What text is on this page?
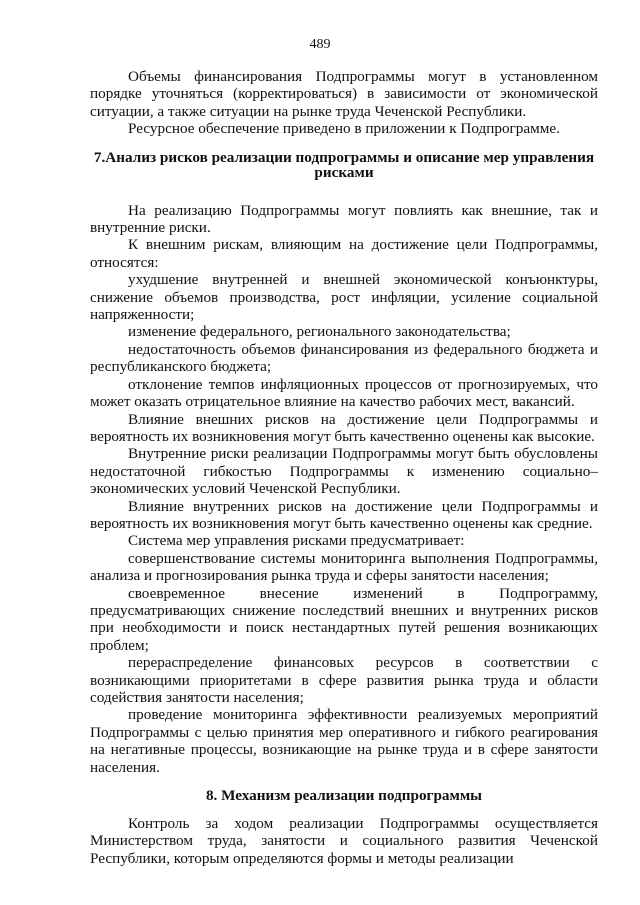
489

Объемы финансирования Подпрограммы могут в установленном порядке уточняться (корректироваться) в зависимости от экономической ситуации, а также ситуации на рынке труда Чеченской Республики.

Ресурсное обеспечение приведено в приложении к Подпрограмме.

7.Анализ рисков реализации подпрограммы и описание мер управления рисками

На реализацию Подпрограммы могут повлиять как внешние, так и внутренние риски.

К внешним рискам, влияющим на достижение цели Подпрограммы, относятся:

ухудшение внутренней и внешней экономической конъюнктуры, снижение объемов производства, рост инфляции, усиление социальной напряженности;

изменение федерального, регионального законодательства;

недостаточность объемов финансирования из федерального бюджета и республиканского бюджета;

отклонение темпов инфляционных процессов от прогнозируемых, что может оказать отрицательное влияние на качество рабочих мест, вакансий.

Влияние внешних рисков на достижение цели Подпрограммы и вероятность их возникновения могут быть качественно оценены как высокие.

Внутренние риски реализации Подпрограммы могут быть обусловлены недостаточной гибкостью Подпрограммы к изменению социально–экономических условий Чеченской Республики.

Влияние внутренних рисков на достижение цели Подпрограммы и вероятность их возникновения могут быть качественно оценены как средние.

Система мер управления рисками предусматривает:

совершенствование системы мониторинга выполнения Подпрограммы, анализа и прогнозирования рынка труда и сферы занятости населения;

своевременное внесение изменений в Подпрограмму, предусматривающих снижение последствий внешних и внутренних рисков при необходимости и поиск нестандартных путей решения возникающих проблем;

перераспределение финансовых ресурсов в соответствии с возникающими приоритетами в сфере развития рынка труда и области содействия занятости населения;

проведение мониторинга эффективности реализуемых мероприятий Подпрограммы с целью принятия мер оперативного и гибкого реагирования на негативные процессы, возникающие на рынке труда и в сфере занятости населения.

8. Механизм реализации подпрограммы

Контроль за ходом реализации Подпрограммы осуществляется Министерством труда, занятости и социального развития Чеченской Республики, которым определяются формы и методы реализации
